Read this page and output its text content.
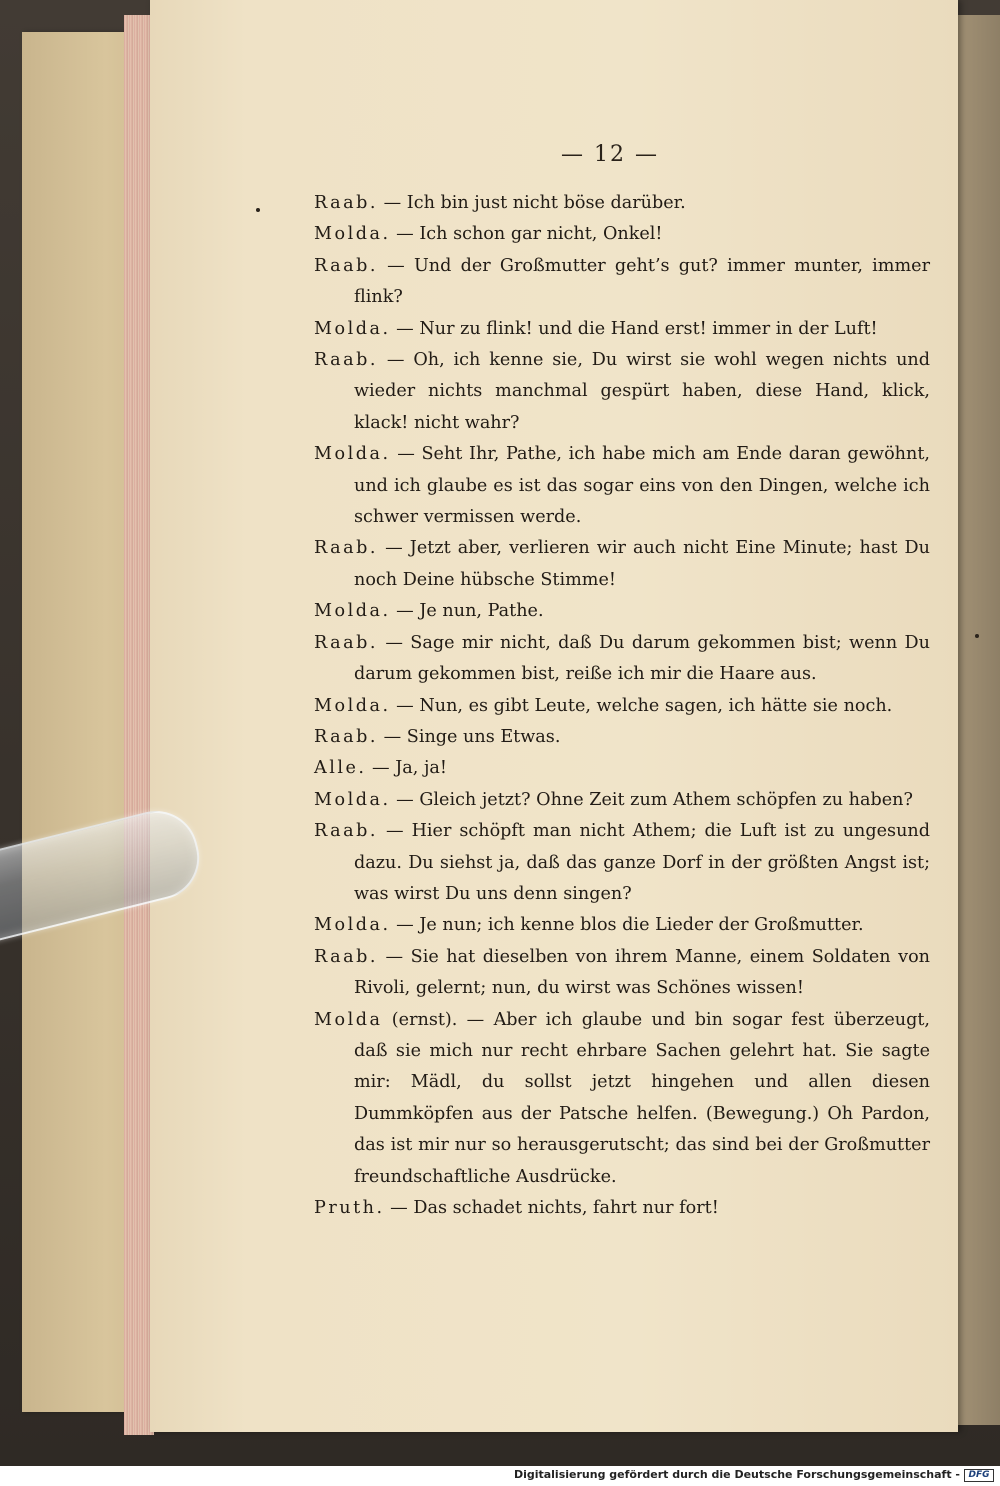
— 12 —
Raab. — Ich bin just nicht böse darüber.
Molda. — Ich schon gar nicht, Onkel!
Raab. — Und der Großmutter geht’s gut? immer munter, immer flink?
Molda. — Nur zu flink! und die Hand erst! immer in der Luft!
Raab. — Oh, ich kenne sie, Du wirst sie wohl wegen nichts und wieder nichts manchmal gespürt haben, diese Hand, klick, klack! nicht wahr?
Molda. — Seht Ihr, Pathe, ich habe mich am Ende daran gewöhnt, und ich glaube es ist das sogar eins von den Dingen, welche ich schwer vermissen werde.
Raab. — Jetzt aber, verlieren wir auch nicht Eine Minute; hast Du noch Deine hübsche Stimme!
Molda. — Je nun, Pathe.
Raab. — Sage mir nicht, daß Du darum gekommen bist; wenn Du darum gekommen bist, reiße ich mir die Haare aus.
Molda. — Nun, es gibt Leute, welche sagen, ich hätte sie noch.
Raab. — Singe uns Etwas.
Alle. — Ja, ja!
Molda. — Gleich jetzt? Ohne Zeit zum Athem schöpfen zu haben?
Raab. — Hier schöpft man nicht Athem; die Luft ist zu ungesund dazu. Du siehst ja, daß das ganze Dorf in der größten Angst ist; was wirst Du uns denn singen?
Molda. — Je nun; ich kenne blos die Lieder der Großmutter.
Raab. — Sie hat dieselben von ihrem Manne, einem Soldaten von Rivoli, gelernt; nun, du wirst was Schönes wissen!
Molda (ernst). — Aber ich glaube und bin sogar fest überzeugt, daß sie mich nur recht ehrbare Sachen gelehrt hat. Sie sagte mir: Mädl, du sollst jetzt hingehen und allen diesen Dummköpfen aus der Patsche helfen. (Bewegung.) Oh Pardon, das ist mir nur so herausgerutscht; das sind bei der Großmutter freundschaftliche Ausdrücke.
Pruth. — Das schadet nichts, fahrt nur fort!
Digitalisierung gefördert durch die Deutsche Forschungsgemeinschaft - DFG
